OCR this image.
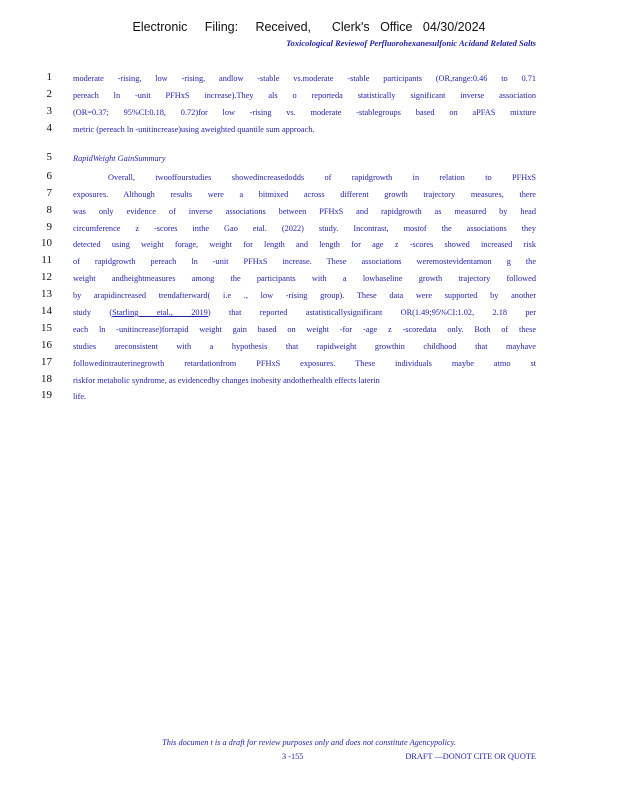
Electronic     Filing:     Received,      Clerk's   Office   04/30/2024
Toxicological Reviewof Perfluorohexanesulfonic Acidand Related Salts
1	moderate -rising, low -rising, andlow -stable vs.moderate -stable participants (OR,range:0.46 to 0.71
2	pereach ln -unit PFHxS increase).They als o reporteda statistically significant inverse association
3	(OR=0.37; 95%CI:0.18, 0.72)for low -rising vs. moderate -stablegroups based on aPFAS mixture
4	metric (pereach ln -unitincrease)using aweighted quantile sum approach.
5	RapidWeight GainSummary
6	Overall, twooffourstudies showedincreasedodds of rapidgrowth in relation to PFHxS
7	exposures. Although results were a bitmixed across different growth trajectory measures, there
8	was only evidence of inverse associations between PFHxS and rapidgrowth as measured by head
9	circumference z -scores inthe Gao etal. (2022) study. Incontrast, mostof the associations they
10	detected using weight forage, weight for length and length for age z -scores showed increased risk
11	of rapidgrowth pereach ln -unit PFHxS increase. These associations weremostevidentamon g the
12	weight andheightmeasures among the participants with a lowbaseline growth trajectory followed
13	by arapidincreased trendafterward( i.e ., low -rising group). These data were supported by another
14	study (Starling etal., 2019) that reported astatisticallysignificant OR(1.49;95%CI:1.02, 2.18 per
15	each ln -unitincrease)forrapid weight gain based on weight -for -age z -scoredata only. Both of these
16	studies areconsistent with a hypothesis that rapidweight growthin childhood that mayhave
17	followedintrauterinegrowth retardationfrom PFHxS exposures. These individuals maybe atmo st
18	riskfor metabolic syndrome, as evidencedby changes inobesity andotherhealth effects laterin
19	life.
This documen t is a draft for review purposes only and does not constitute Agencypolicy.
3 -155	DRAFT —DONOT CITE OR QUOTE
